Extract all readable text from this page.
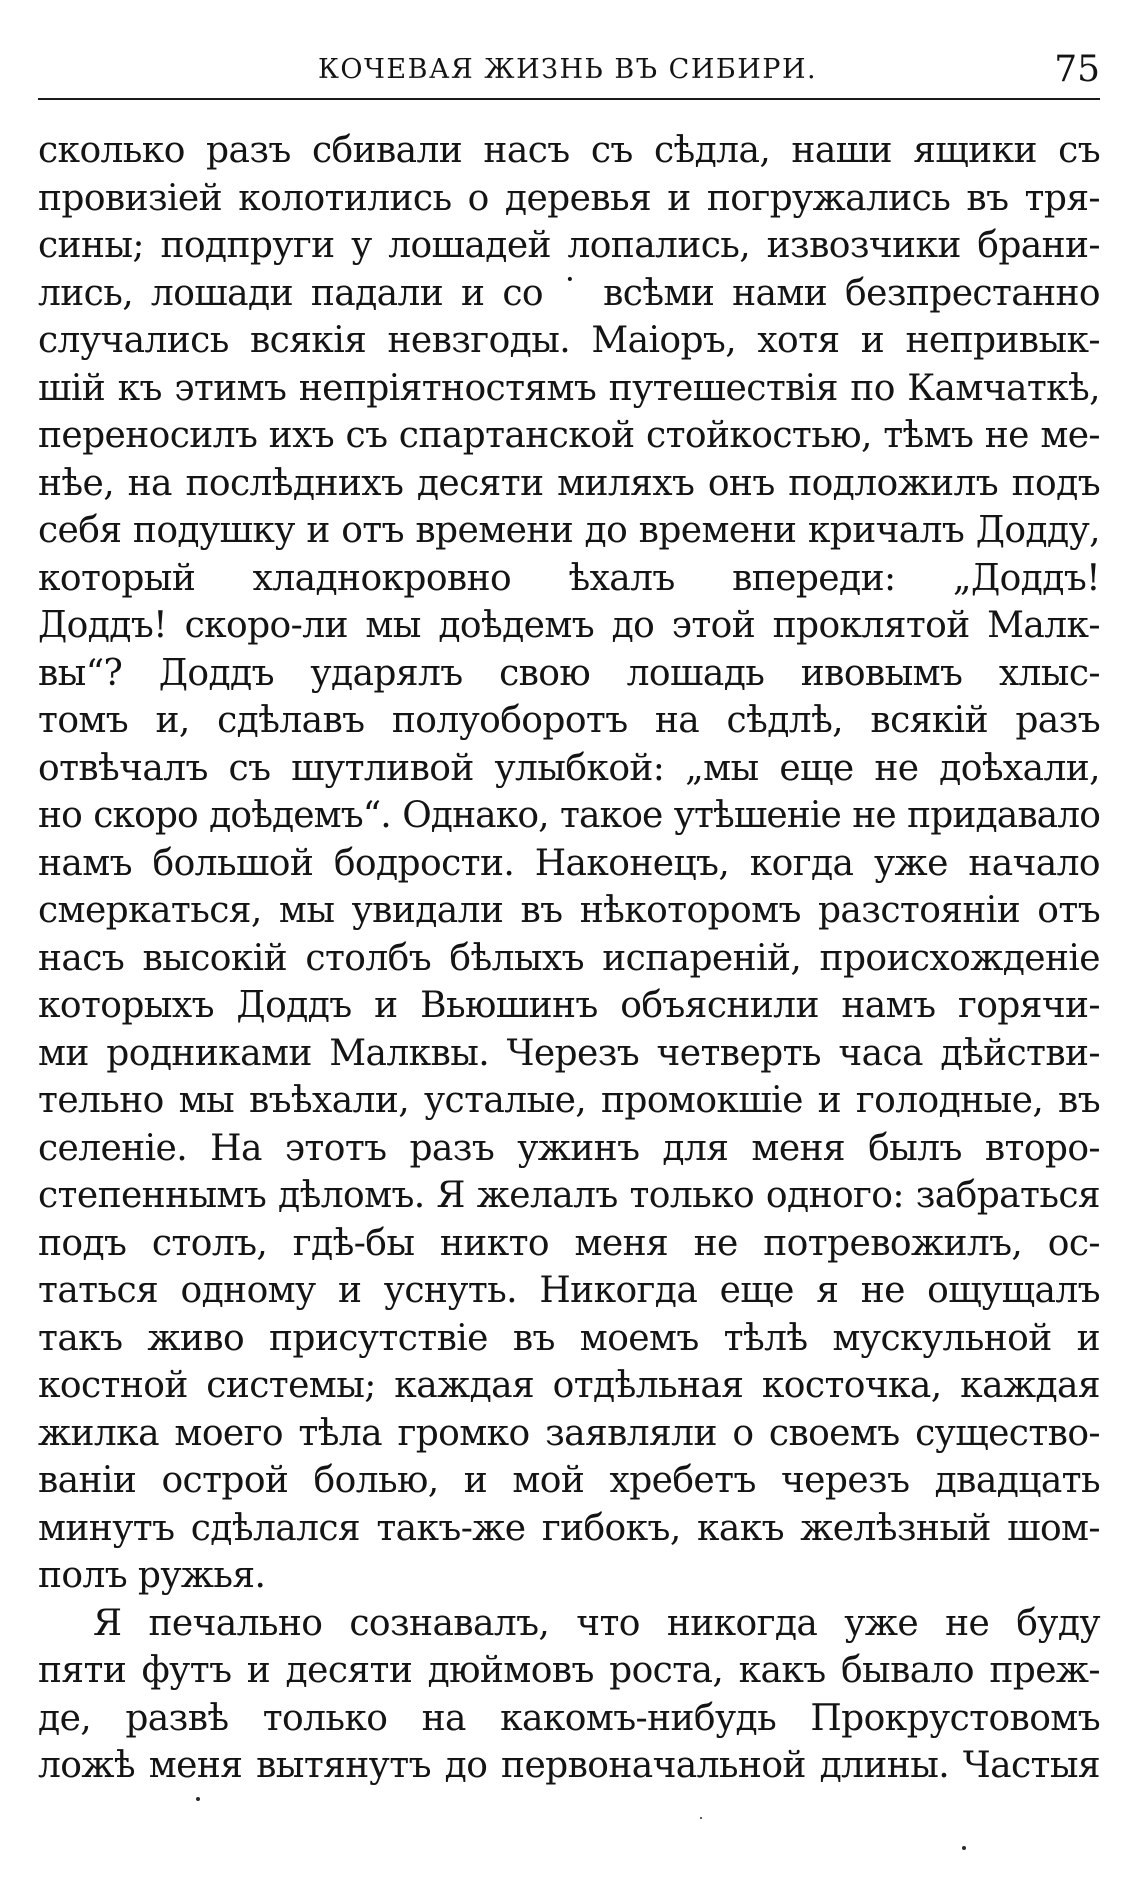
КОЧЕВАЯ ЖИЗНЬ ВЪ СИБИРИ.	75
сколько разъ сбивали насъ съ сѣдла, наши ящики съ
провизiей колотились о деревья и погружались въ тря-
сины; подпруги у лошадей лопались, извозчики брани-
лись, лошади падали и со ˙ всѣми нами безпрестанно
случались всякiя невзгоды. Маiоръ, хотя и непривык-
шiй къ этимъ непрiятностямъ путешествiя по Камчаткѣ,
переносилъ ихъ съ спартанской стойкостью, тѣмъ не ме-
нѣе, на послѣднихъ десяти миляхъ онъ подложилъ подъ
себя подушку и отъ времени до времени кричалъ Додду,
который хладнокровно ѣхалъ впереди: „Доддъ!
Доддъ! скоро-ли мы доѣдемъ до этой проклятой Малк-
вы“? Доддъ ударялъ свою лошадь ивовымъ хлыс-
томъ и, сдѣлавъ полуоборотъ на сѣдлѣ, всякiй разъ
отвѣчалъ съ шутливой улыбкой: „мы еще не доѣхали,
но скоро доѣдемъ“. Однако, такое утѣшенiе не придавало
намъ большой бодрости. Наконецъ, когда уже начало
смеркаться, мы увидали въ нѣкоторомъ разстоянiи отъ
насъ высокiй столбъ бѣлыхъ испаренiй, происхожденiе
которыхъ Доддъ и Вьюшинъ объяснили намъ горячи-
ми родниками Малквы. Черезъ четверть часа дѣйстви-
тельно мы въѣхали, усталые, промокшiе и голодные, въ
селенiе. На этотъ разъ ужинъ для меня былъ второ-
степеннымъ дѣломъ. Я желалъ только одного: забраться
подъ столъ, гдѣ-бы никто меня не потревожилъ, ос-
таться одному и уснуть. Никогда еще я не ощущалъ
такъ живо присутствiе въ моемъ тѣлѣ мускульной и
костной системы; каждая отдѣльная косточка, каждая
жилка моего тѣла громко заявляли о своемъ существо-
ванiи острой болью, и мой хребетъ черезъ двадцать
минутъ сдѣлался такъ-же гибокъ, какъ желѣзный шом-
полъ ружья.
Я печально сознавалъ, что никогда уже не буду
пяти футъ и десяти дюймовъ роста, какъ бывало преж-
де, развѣ только на какомъ-нибудь Прокрустовомъ
ложѣ меня вытянутъ до первоначальной длины. Частыя
